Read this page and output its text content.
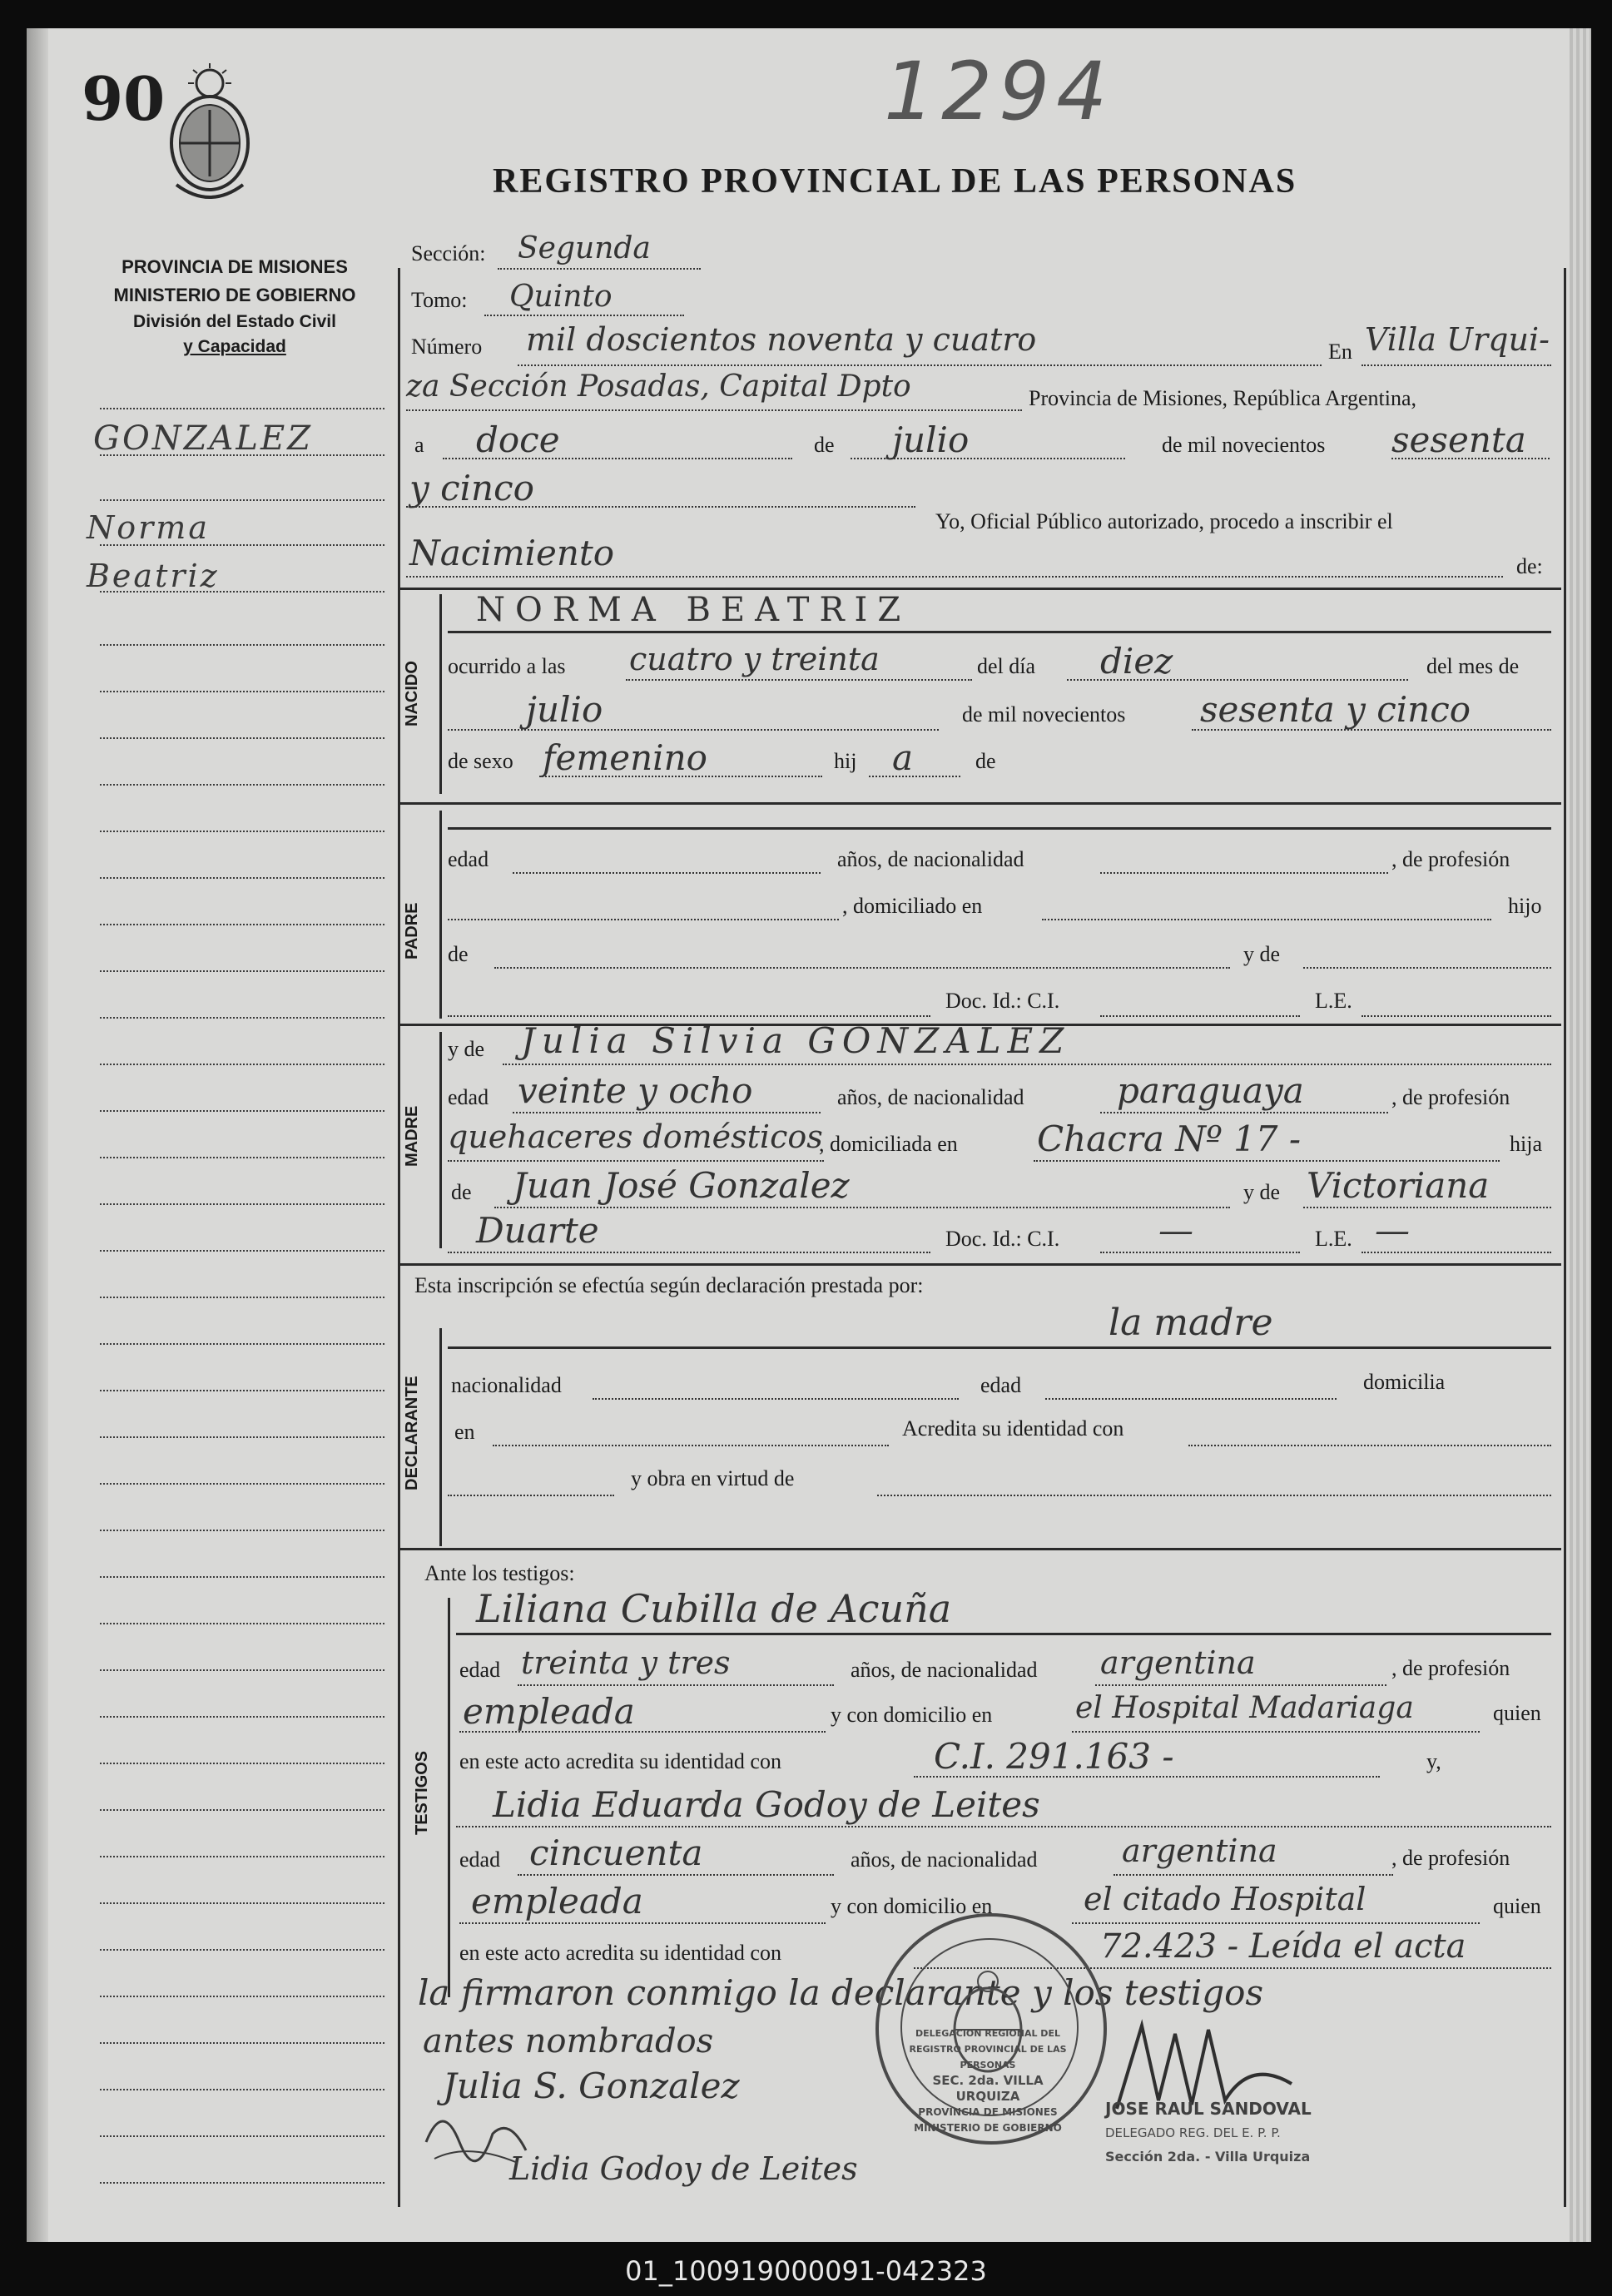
90	1294
REGISTRO PROVINCIAL DE LAS PERSONAS
PROVINCIA DE MISIONES
MINISTERIO DE GOBIERNO
División del Estado Civil
y Capacidad
GONZALEZ
Norma
Beatriz
Sección: Segunda
Tomo: Quinto
Número mil doscientos noventa y cuatro	En Villa Urqui-
za Sección Posadas, Capital Dpto	Provincia de Misiones, República Argentina,
a doce	de julio	de mil novecientos sesenta
y cinco
Yo, Oficial Público autorizado, procedo a inscribir el
Nacimiento	de:
NACIDO
NORMA BEATRIZ
ocurrido a las cuatro y treinta	del día diez	del mes de
julio	de mil novecientos sesenta y cinco
de sexo femenino	hij a	de
PADRE
edad	años, de nacionalidad	, de profesión
, domiciliado en	hijo
de	y de
Doc. Id.: C.I.	L.E.
MADRE
y de Julia Silvia GONZALEZ
edad veinte y ocho	años, de nacionalidad	paraguaya	, de profesión
quehaceres domésticos
, domiciliada en Chacra Nº 17 -	hija
de Juan José Gonzalez	y de Victoriana
Duarte	Doc. Id.: C.I.	—	L.E. —
Esta inscripción se efectúa según declaración prestada por:
la madre
DECLARANTE	nacionalidad	edad	domicilia
en	Acredita su identidad con
y obra en virtud de
Ante los testigos:
TESTIGOS
Liliana Cubilla de Acuña
edad treinta y tres	años, de nacionalidad argentina	, de profesión
empleada	y con domicilio en	el Hospital Madariaga	quien
en este acto acredita su identidad con	C.I. 291.163 -	y,
Lidia Eduarda Godoy de Leites
edad cincuenta	años, de nacionalidad	argentina	, de profesión
empleada	y con domicilio en	el citado Hospital	quien
en este acto acredita su identidad con	72.423 - Leída el acta
la firmaron conmigo la declarante y los testigos
antes nombrados	DELEGACION REGIONAL DEL REGISTRO PROVINCIAL DE LAS PERSONAS
SEC. 2da. VILLA URQUIZA
PROVINCIA DE MISIONES
MINISTERIO DE GOBIERNO
Julia S. Gonzalez
Lidia Godoy de Leites
JOSE RAUL SANDOVAL
DELEGADO REG. DEL E. P. P.
Sección 2da. - Villa Urquiza
01_100919000091-042323
